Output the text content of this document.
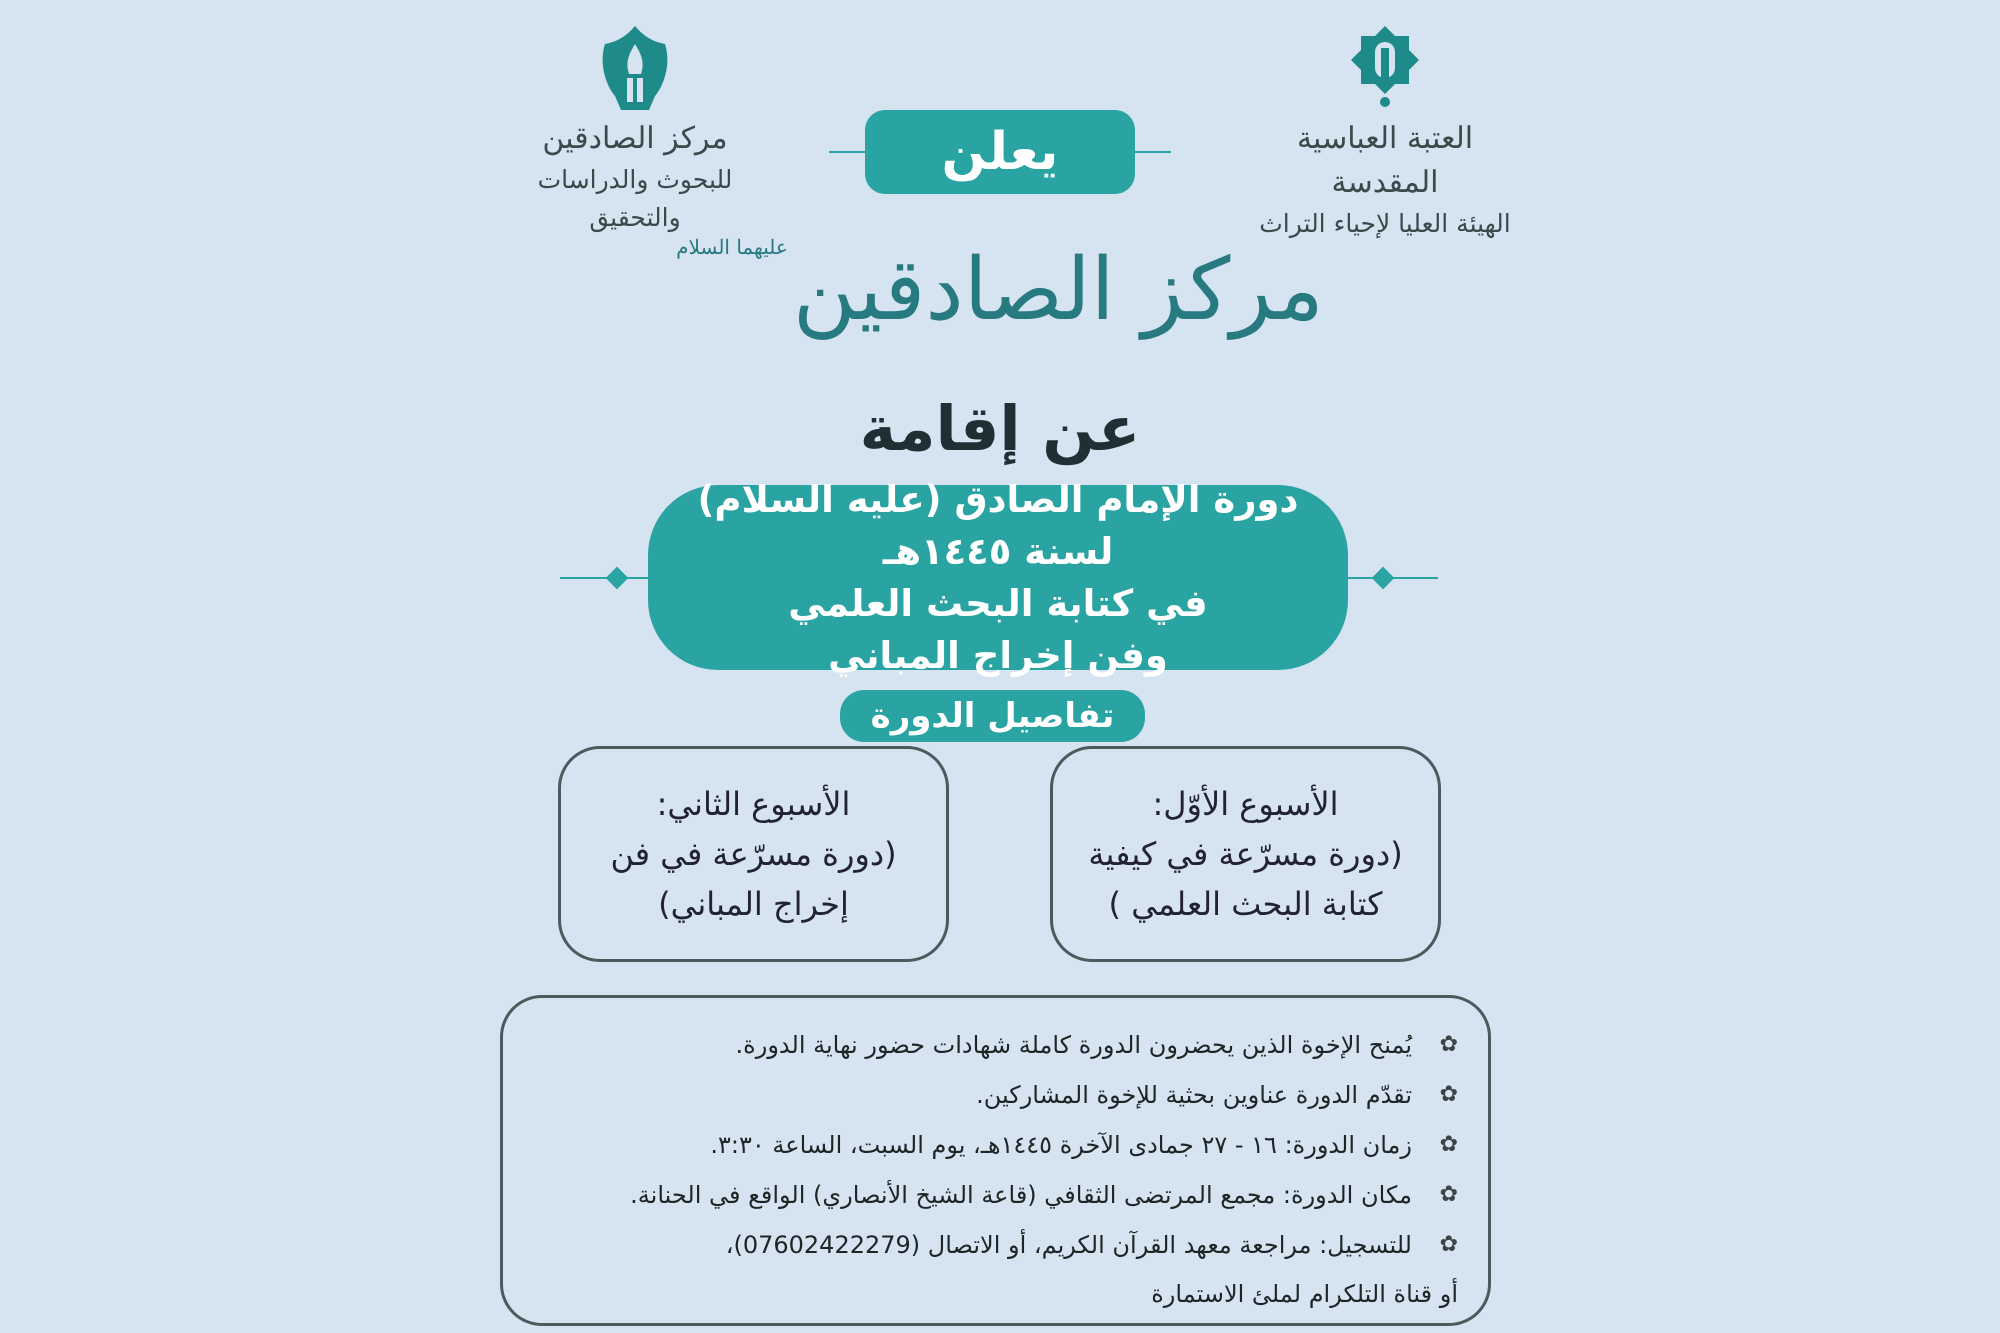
العتبة العباسية المقدسة
الهيئة العليا لإحياء التراث
مركز الصادقين
للبحوث والدراسات والتحقيق
يعلن
مركز الصادقين عليهما السلام
عن إقامة
دورة الإمام الصادق (عليه السلام) لسنة ١٤٤٥هـ
في كتابة البحث العلمي
وفن إخراج المباني
تفاصيل الدورة
الأسبوع الأوّل:
(دورة مسرّعة في كيفية
كتابة البحث العلمي )
الأسبوع الثاني:
(دورة مسرّعة في فن
إخراج المباني)
✿
يُمنح الإخوة الذين يحضرون الدورة كاملة شهادات حضور نهاية الدورة.
✿
تقدّم الدورة عناوين بحثية للإخوة المشاركين.
✿
زمان الدورة: ١٦ - ٢٧ جمادى الآخرة ١٤٤٥هـ، يوم السبت، الساعة ٣:٣٠.
✿
مكان الدورة: مجمع المرتضى الثقافي (قاعة الشيخ الأنصاري) الواقع في الحنانة.
✿
للتسجيل: مراجعة معهد القرآن الكريم، أو الاتصال (07602422279)،
أو قناة التلكرام لملئ الاستمارة
